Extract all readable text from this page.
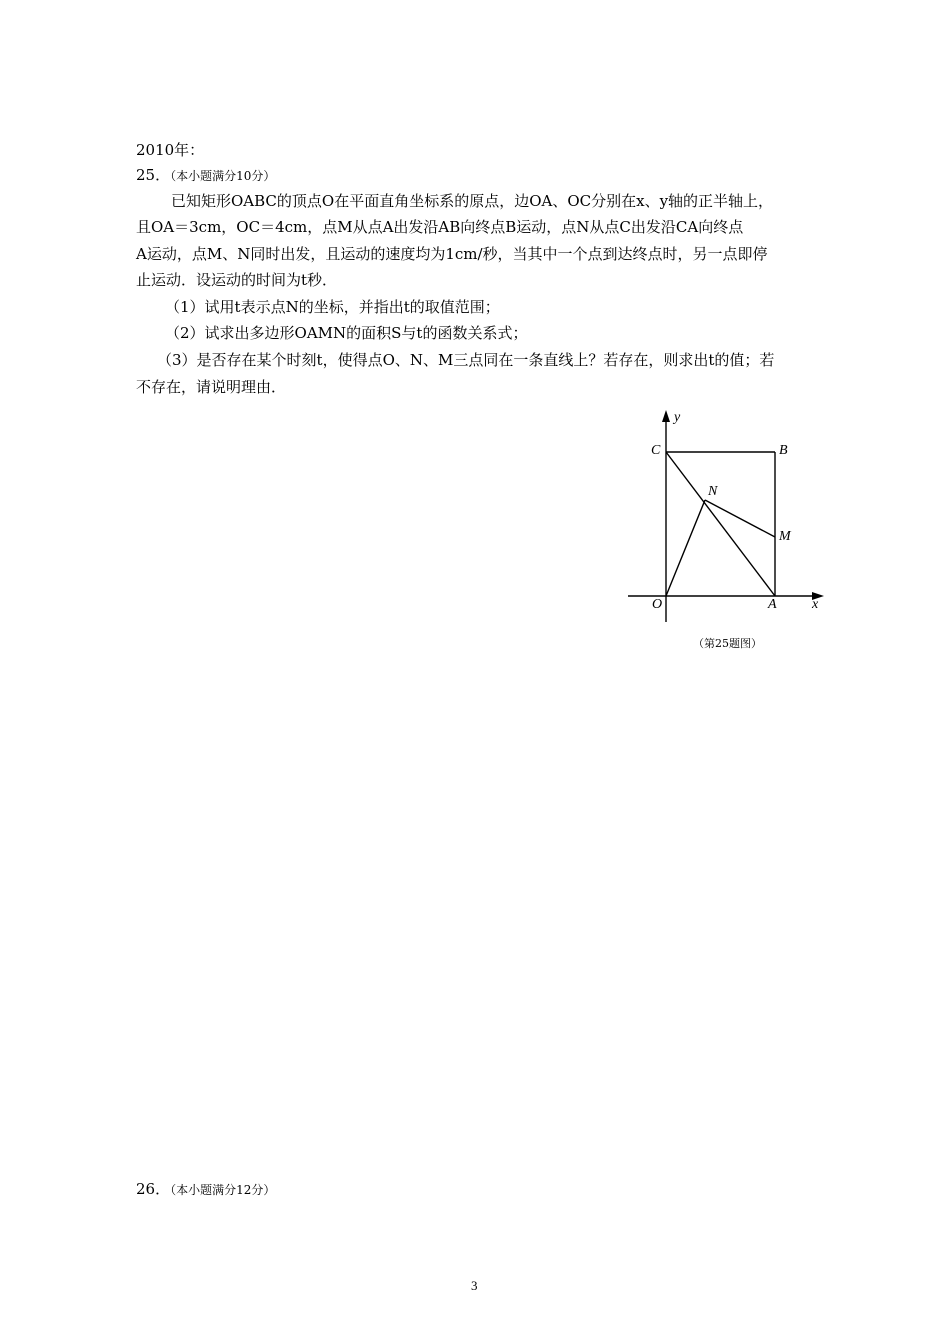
2010年：
25．（本小题满分10分）
已知矩形OABC的顶点O在平面直角坐标系的原点，边OA、OC分别在x、y轴的正半轴上，
且OA＝3cm，OC＝4cm，点M从点A出发沿AB向终点B运动，点N从点C出发沿CA向终点
A运动，点M、N同时出发，且运动的速度均为1cm/秒，当其中一个点到达终点时，另一点即停
止运动．设运动的时间为t秒．
（1）试用t表示点N的坐标，并指出t的取值范围；
（2）试求出多边形OAMN的面积S与t的函数关系式；
（3）是否存在某个时刻t，使得点O、N、M三点同在一条直线上？若存在，则求出t的值；若
不存在，请说明理由．
y
x
O	A
B
C
N
M
（第25题图）
26．（本小题满分12分）
3
